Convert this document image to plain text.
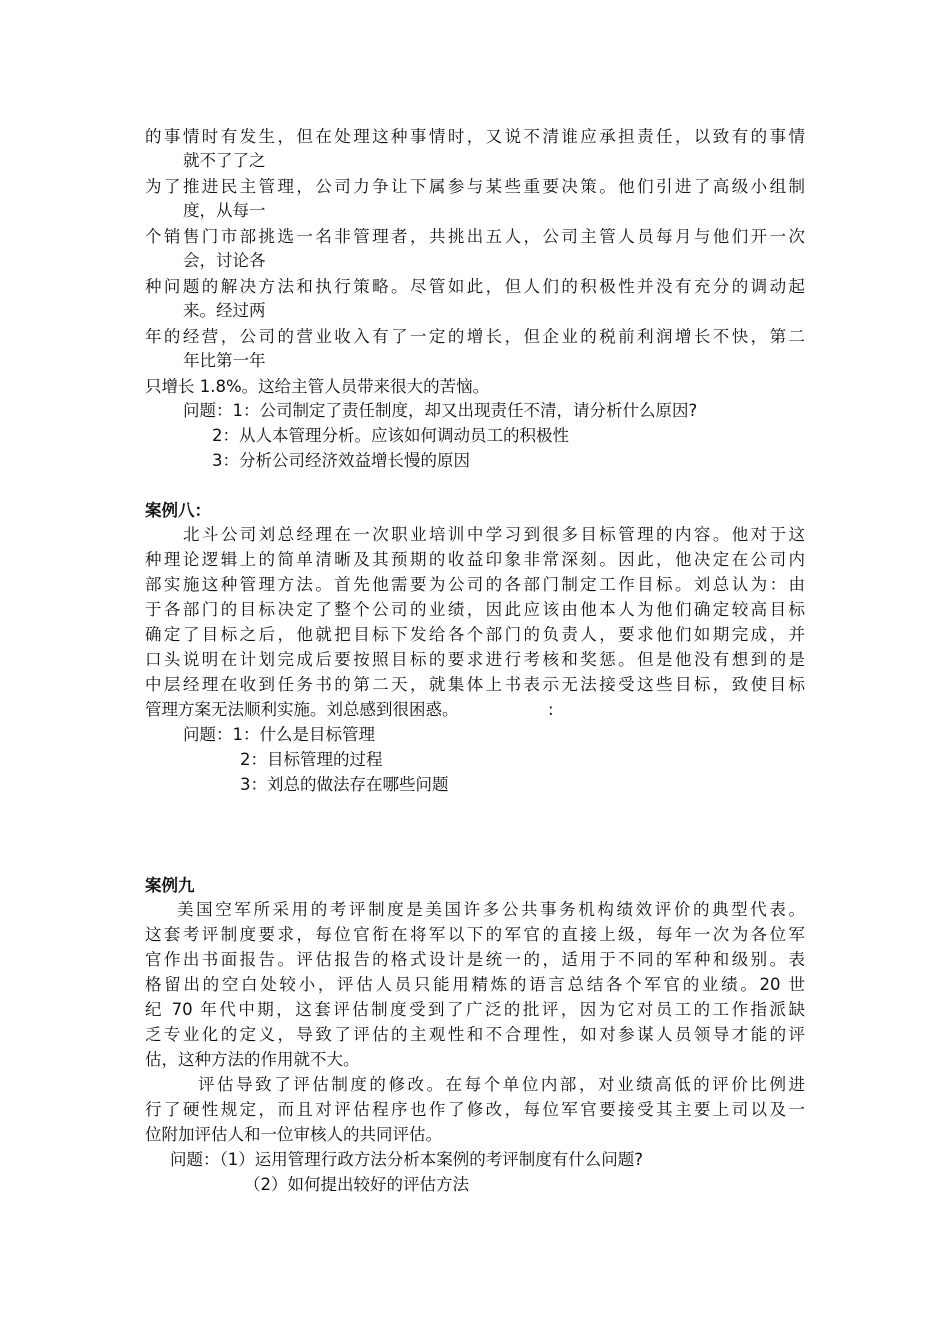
的事情时有发生，但在处理这种事情时，又说不清谁应承担责任，以致有的事情

就不了了之

为了推进民主管理，公司力争让下属参与某些重要决策。他们引进了高级小组制

度，从每一

个销售门市部挑选一名非管理者，共挑出五人，公司主管人员每月与他们开一次

会，讨论各

种问题的解决方法和执行策略。尽管如此，但人们的积极性并没有充分的调动起

来。经过两

年的经营，公司的营业收入有了一定的增长，但企业的税前利润增长不快，第二

年比第一年

只增长 1.8%。这给主管人员带来很大的苦恼。

问题：1：公司制定了责任制度，却又出现责任不清，请分析什么原因?

2：从人本管理分析。应该如何调动员工的积极性

3：分析公司经济效益增长慢的原因

案例八：

北斗公司刘总经理在一次职业培训中学习到很多目标管理的内容。他对于这

种理论逻辑上的简单清晰及其预期的收益印象非常深刻。因此，他决定在公司内

部实施这种管理方法。首先他需要为公司的各部门制定工作目标。刘总认为：由

于各部门的目标决定了整个公司的业绩，因此应该由他本人为他们确定较高目标

确定了目标之后，他就把目标下发给各个部门的负责人，要求他们如期完成，并

口头说明在计划完成后要按照目标的要求进行考核和奖惩。但是他没有想到的是

中层经理在收到任务书的第二天，就集体上书表示无法接受这些目标，致使目标

管理方案无法顺利实施。刘总感到很困惑。	:

问题：1：什么是目标管理

2：目标管理的过程

3：刘总的做法存在哪些问题

案例九

美国空军所采用的考评制度是美国许多公共事务机构绩效评价的典型代表。

这套考评制度要求，每位官衔在将军以下的军官的直接上级，每年一次为各位军

官作出书面报告。评估报告的格式设计是统一的，适用于不同的军种和级别。表

格留出的空白处较小，评估人员只能用精炼的语言总结各个军官的业绩。20 世

纪 70 年代中期，这套评估制度受到了广泛的批评，因为它对员工的工作指派缺

乏专业化的定义，导致了评估的主观性和不合理性，如对参谋人员领导才能的评

估，这种方法的作用就不大。

评估导致了评估制度的修改。在每个单位内部，对业绩高低的评价比例进

行了硬性规定，而且对评估程序也作了修改，每位军官要接受其主要上司以及一

位附加评估人和一位审核人的共同评估。

问题：（1）运用管理行政方法分析本案例的考评制度有什么问题?

（2）如何提出较好的评估方法
